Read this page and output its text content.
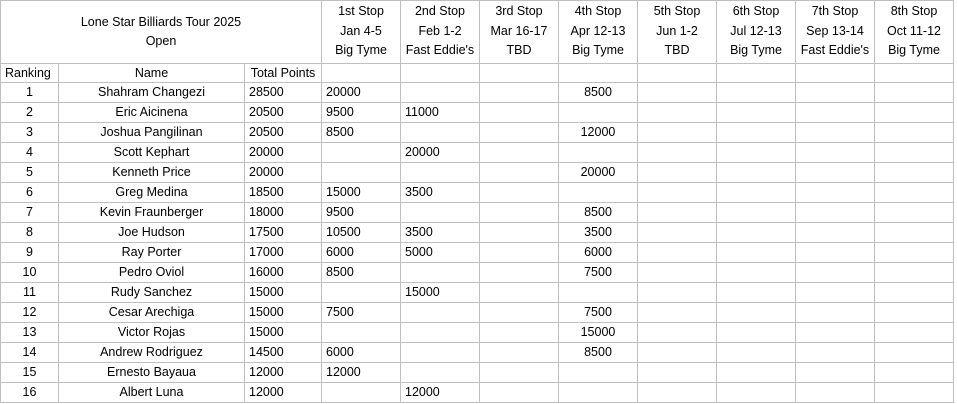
Lone Star Billiards Tour 2025
Open			1st Stop
Jan 4-5
Big Tyme	2nd Stop
Feb 1-2
Fast Eddie's	3rd Stop
Mar 16-17
TBD	4th Stop
Apr 12-13
Big Tyme	5th Stop
Jun 1-2
TBD	6th Stop
Jul 12-13
Big Tyme	7th Stop
Sep 13-14
Fast Eddie's	8th Stop
Oct 11-12
Big Tyme

Ranking	Name	Total Points								
1	Shahram Changezi	28500	20000			8500				
2	Eric Aicinena	20500	9500	11000						
3	Joshua Pangilinan	20500	8500			12000				
4	Scott Kephart	20000		20000						
5	Kenneth Price	20000				20000				
6	Greg Medina	18500	15000	3500						
7	Kevin Fraunberger	18000	9500			8500				
8	Joe Hudson	17500	10500	3500		3500				
9	Ray Porter	17000	6000	5000		6000				
10	Pedro Oviol	16000	8500			7500				
11	Rudy Sanchez	15000		15000						
12	Cesar Arechiga	15000	7500			7500				
13	Victor Rojas	15000				15000				
14	Andrew Rodriguez	14500	6000			8500				
15	Ernesto Bayaua	12000	12000							
16	Albert Luna	12000		12000						
